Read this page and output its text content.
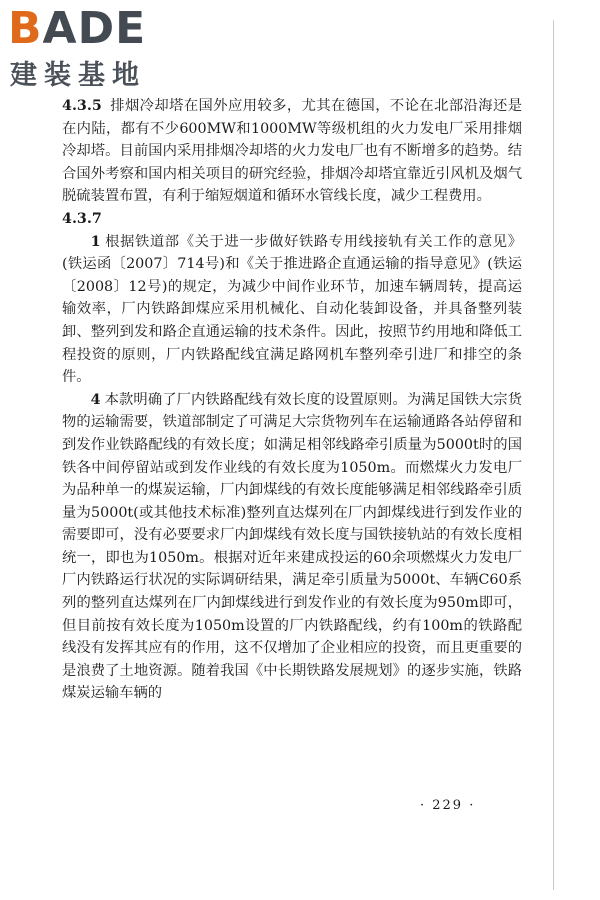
BADE
建装基地

4.3.5 排烟冷却塔在国外应用较多，尤其在德国，不论在北部沿海还是在内陆，都有不少600MW和1000MW等级机组的火力发电厂采用排烟冷却塔。目前国内采用排烟冷却塔的火力发电厂也有不断增多的趋势。结合国外考察和国内相关项目的研究经验，排烟冷却塔宜靠近引风机及烟气脱硫装置布置，有利于缩短烟道和循环水管线长度，减少工程费用。

4.3.7

1 根据铁道部《关于进一步做好铁路专用线接轨有关工作的意见》(铁运函〔2007〕714号)和《关于推进路企直通运输的指导意见》(铁运〔2008〕12号)的规定，为减少中间作业环节，加速车辆周转，提高运输效率，厂内铁路卸煤应采用机械化、自动化装卸设备，并具备整列装卸、整列到发和路企直通运输的技术条件。因此，按照节约用地和降低工程投资的原则，厂内铁路配线宜满足路网机车整列牵引进厂和排空的条件。

4 本款明确了厂内铁路配线有效长度的设置原则。为满足国铁大宗货物的运输需要，铁道部制定了可满足大宗货物列车在运输通路各站停留和到发作业铁路配线的有效长度；如满足相邻线路牵引质量为5000t时的国铁各中间停留站或到发作业线的有效长度为1050m。而燃煤火力发电厂为品种单一的煤炭运输，厂内卸煤线的有效长度能够满足相邻线路牵引质量为5000t(或其他技术标准)整列直达煤列在厂内卸煤线进行到发作业的需要即可，没有必要要求厂内卸煤线有效长度与国铁接轨站的有效长度相统一，即也为1050m。根据对近年来建成投运的60余项燃煤火力发电厂厂内铁路运行状况的实际调研结果，满足牵引质量为5000t、车辆C60系列的整列直达煤列在厂内卸煤线进行到发作业的有效长度为950m即可，但目前按有效长度为1050m设置的厂内铁路配线，约有100m的铁路配线没有发挥其应有的作用，这不仅增加了企业相应的投资，而且更重要的是浪费了土地资源。随着我国《中长期铁路发展规划》的逐步实施，铁路煤炭运输车辆的

· 229 ·
